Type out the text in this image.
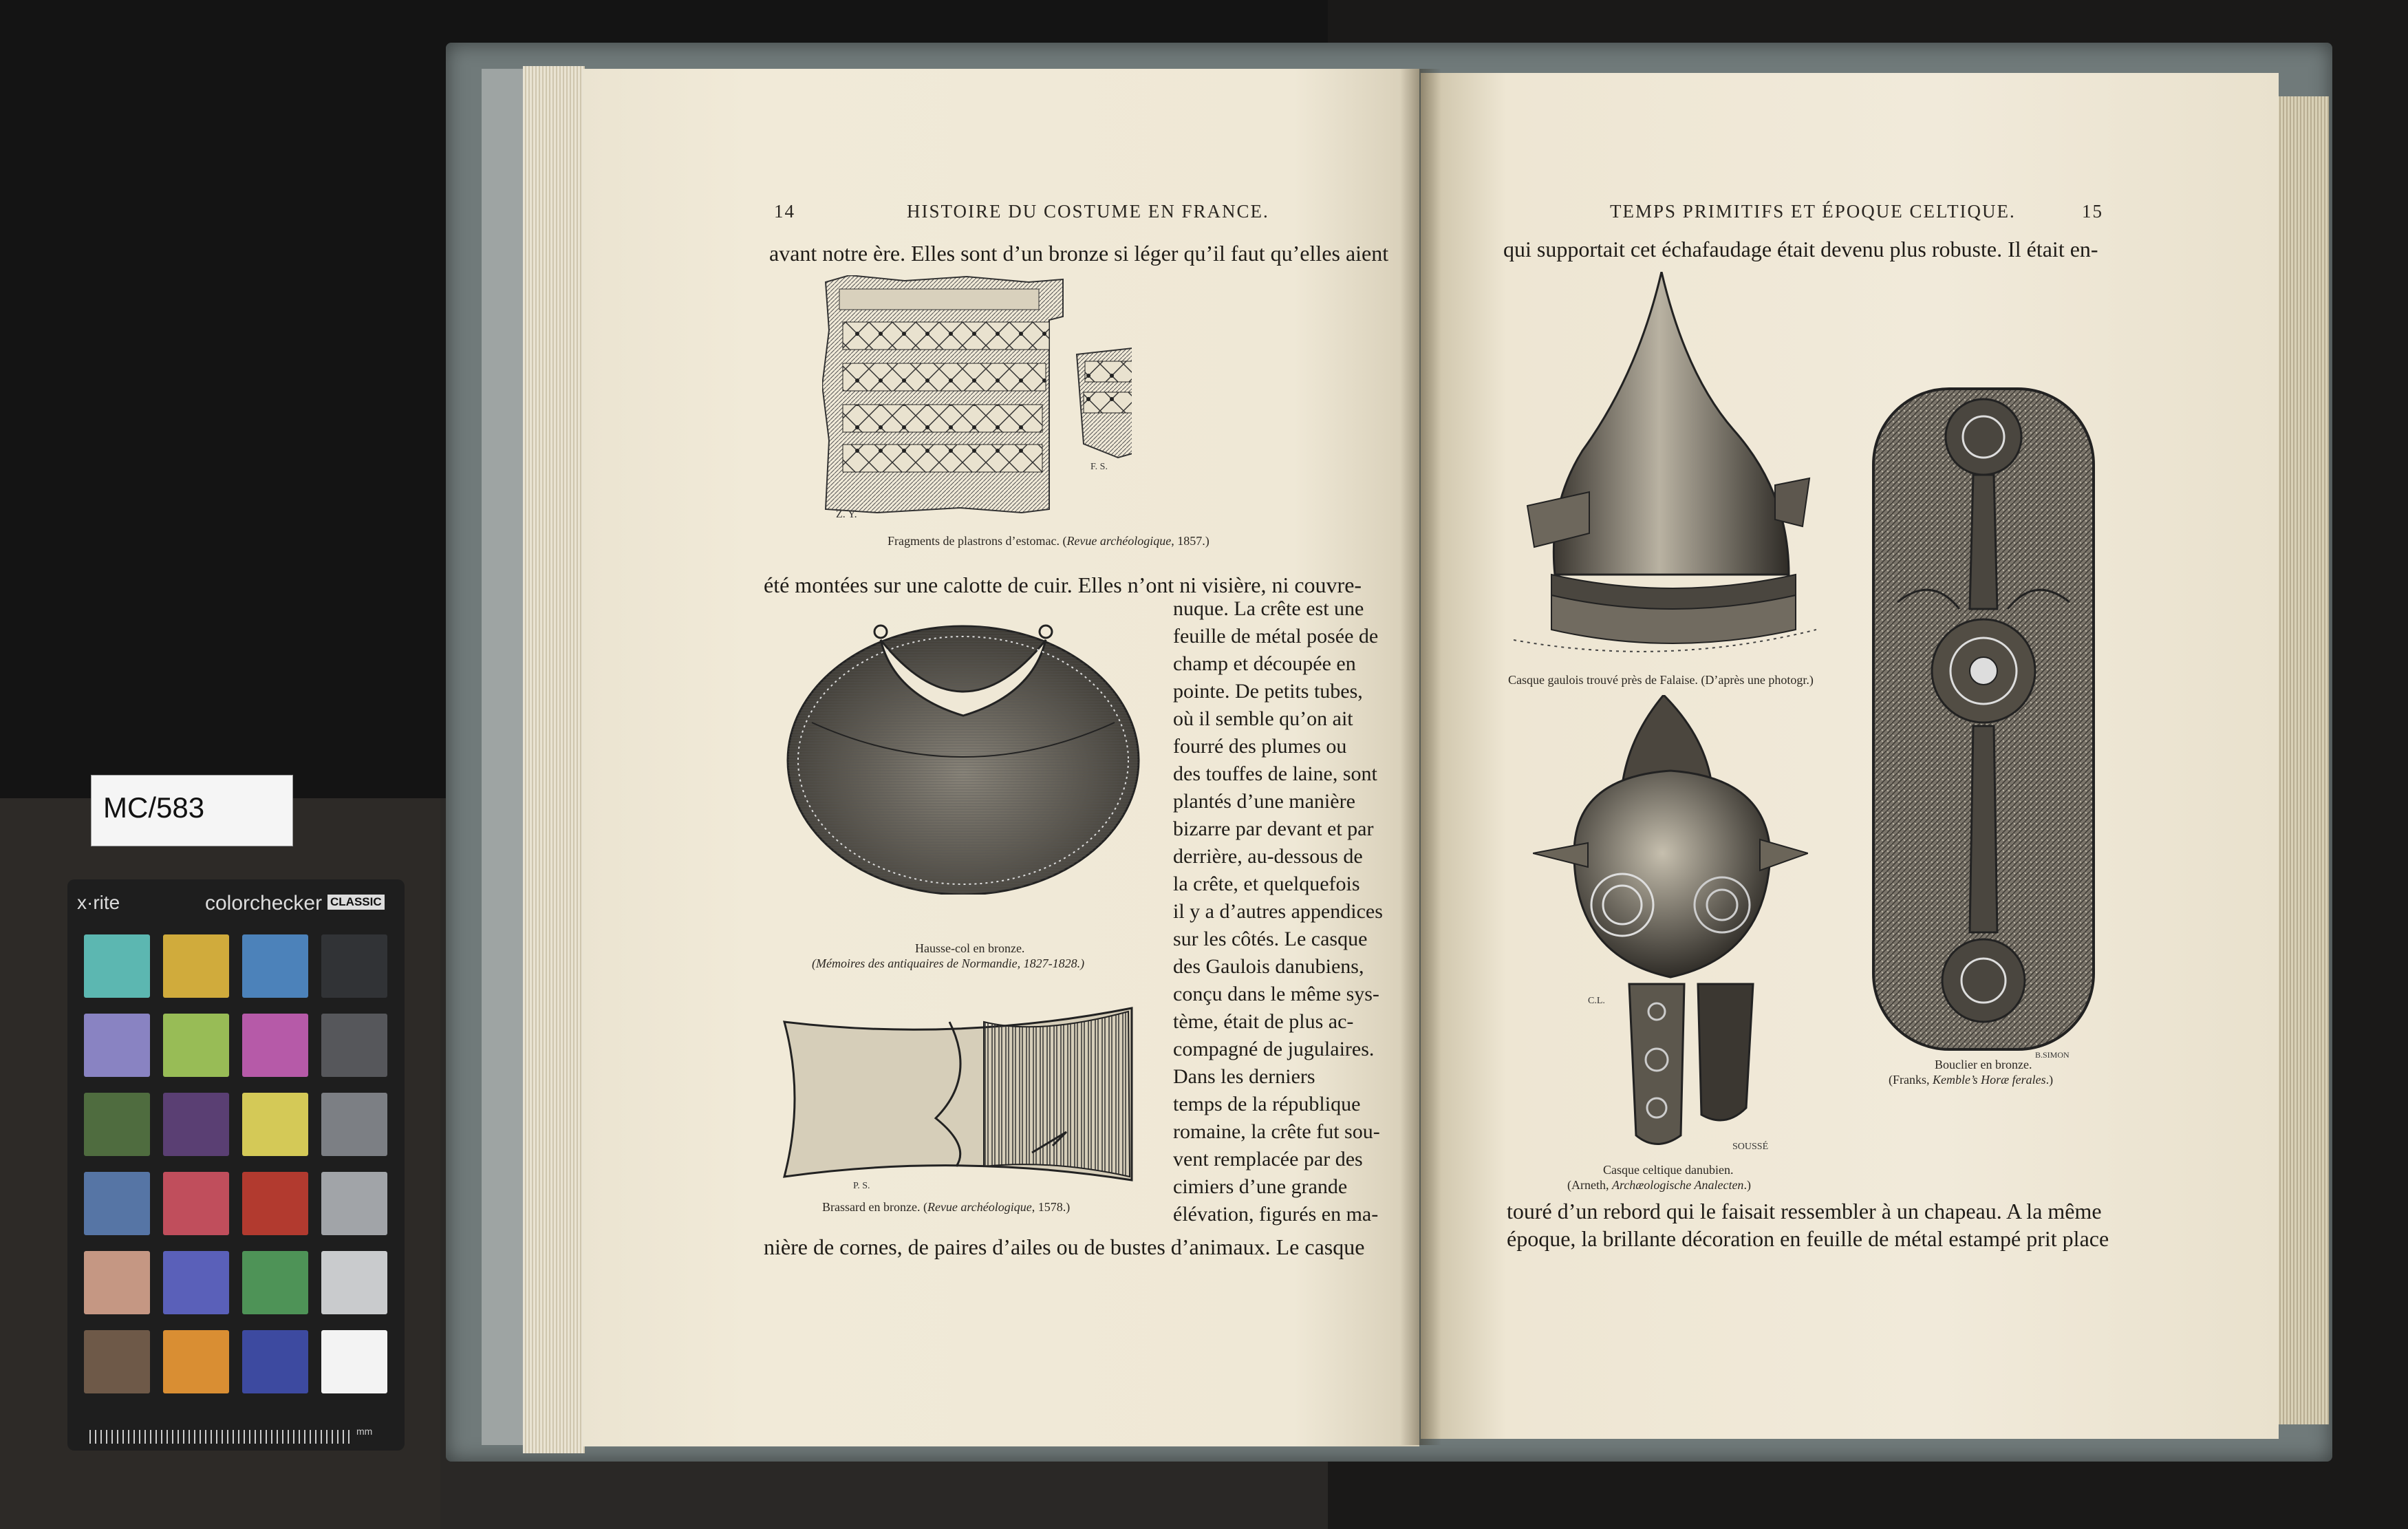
MC/583
x·rite	colorchecker CLASSIC
mm
14	HISTOIRE DU COSTUME EN FRANCE.
avant notre ère. Elles sont d’un bronze si léger qu’il faut qu’elles aient
Z. Y.
F. S.
Fragments de plastrons d’estomac. (Revue archéologique, 1857.)
été montées sur une calotte de cuir. Elles n’ont ni visière, ni couvre-
Hausse-col en bronze.
(Mémoires des antiquaires de Normandie, 1827-1828.)
P. S.
Brassard en bronze. (Revue archéologique, 1578.)
nuque. La crête est une
feuille de métal posée de
champ et découpée en
pointe. De petits tubes,
où il semble qu’on ait
fourré des plumes ou
des touffes de laine, sont
plantés d’une manière
bizarre par devant et par
derrière, au-dessous de
la crête, et quelquefois
il y a d’autres appendices
sur les côtés. Le casque
des Gaulois danubiens,
conçu dans le même sys-
tème, était de plus ac-
compagné de jugulaires.
Dans les derniers
temps de la république
romaine, la crête fut sou-
vent remplacée par des
cimiers d’une grande
élévation, figurés en ma-
nière de cornes, de paires d’ailes ou de bustes d’animaux. Le casque
TEMPS PRIMITIFS ET ÉPOQUE CELTIQUE.	15
qui supportait cet échafaudage était devenu plus robuste. Il était en-
Casque gaulois trouvé près de Falaise. (D’après une photogr.)
C.L.
SOUSSÉ
Casque celtique danubien.
(Arneth, Archæologische Analecten.)
B.SIMON
Bouclier en bronze.
(Franks, Kemble’s Horæ ferales.)
touré d’un rebord qui le faisait ressembler à un chapeau. A la même
époque, la brillante décoration en feuille de métal estampé prit place
